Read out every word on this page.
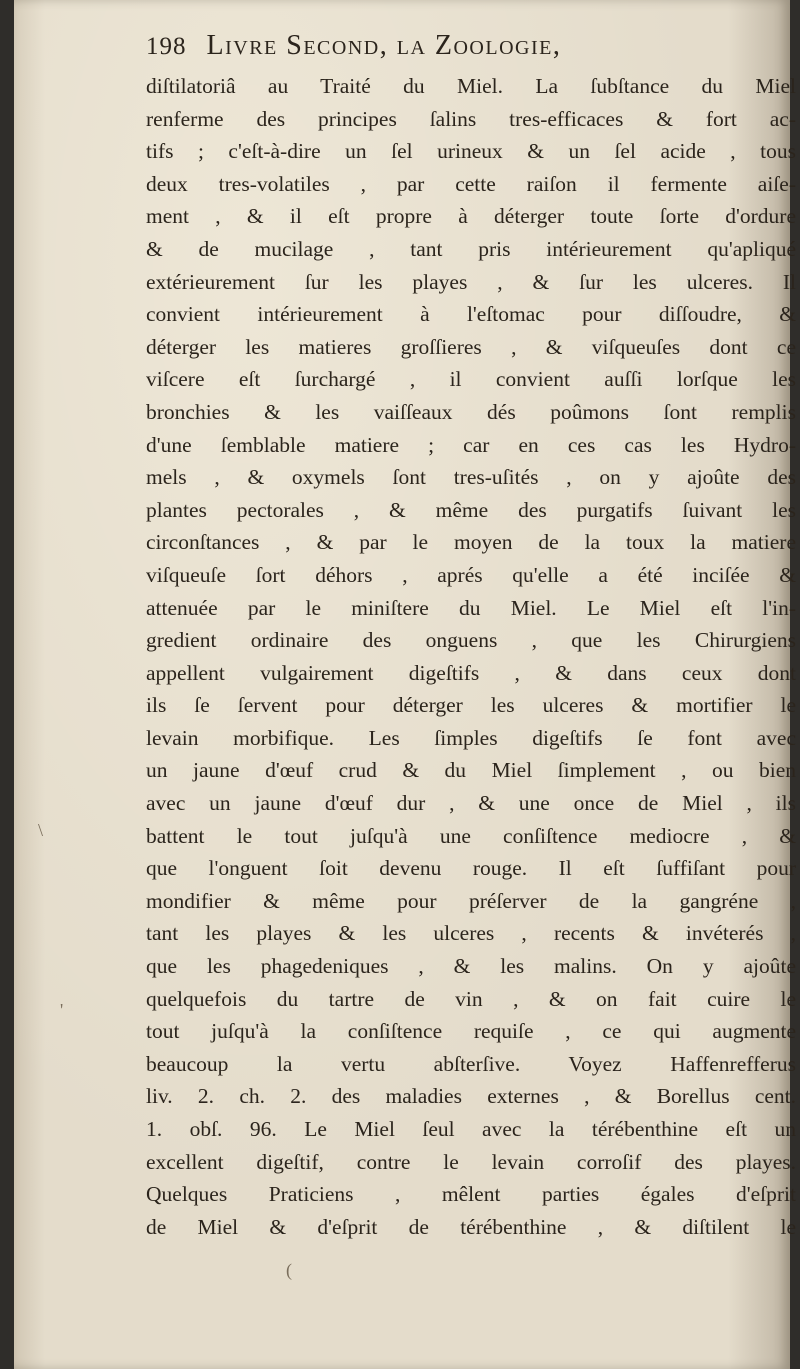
\
'
(
198 Livre Second, la Zoologie,
diſtilatoriâ au Traité du Miel. La ſubſtance du Miel
renferme des principes ſalins tres-efficaces & fort ac-
tifs ; c'eſt-à-dire un ſel urineux & un ſel acide , tous
deux tres-volatiles , par cette raiſon il fermente aiſe-
ment , & il eſt propre à déterger toute ſorte d'ordure
& de mucilage , tant pris intérieurement qu'apliqué
extérieurement ſur les playes , & ſur les ulceres. Il
convient intérieurement à l'eſtomac pour diſſoudre, &
déterger les matieres groſſieres , & viſqueuſes dont ce
viſcere eſt ſurchargé , il convient auſſi lorſque les
bronchies & les vaiſſeaux dés poûmons ſont remplis
d'une ſemblable matiere ; car en ces cas les Hydro-
mels , & oxymels ſont tres-uſités , on y ajoûte des
plantes pectorales , & même des purgatifs ſuivant les
circonſtances , & par le moyen de la toux la matiere
viſqueuſe ſort déhors , aprés qu'elle a été inciſée &
attenuée par le miniſtere du Miel. Le Miel eſt l'in-
gredient ordinaire des onguens , que les Chirurgiens
appellent vulgairement digeſtifs , & dans ceux dont
ils ſe ſervent pour déterger les ulceres & mortifier le
levain morbifique. Les ſimples digeſtifs ſe font avec
un jaune d'œuf crud & du Miel ſimplement , ou bien
avec un jaune d'œuf dur , & une once de Miel , ils
battent le tout juſqu'à une conſiſtence mediocre , &
que l'onguent ſoit devenu rouge. Il eſt ſuffiſant pour
mondifier & même pour préſerver de la gangréne ,
tant les playes & les ulceres , recents & invéterés ,
que les phagedeniques , & les malins. On y ajoûte
quelquefois du tartre de vin , & on fait cuire le
tout juſqu'à la conſiſtence requiſe , ce qui augmente
beaucoup la vertu abſterſive. Voyez Haffenrefferus
liv. 2. ch. 2. des maladies externes , & Borellus cent.
1. obſ. 96. Le Miel ſeul avec la térébenthine eſt un
excellent digeſtif, contre le levain corroſif des playes.
Quelques Praticiens , mêlent parties égales d'eſprit
de Miel & d'eſprit de térébenthine , & diſtilent le
